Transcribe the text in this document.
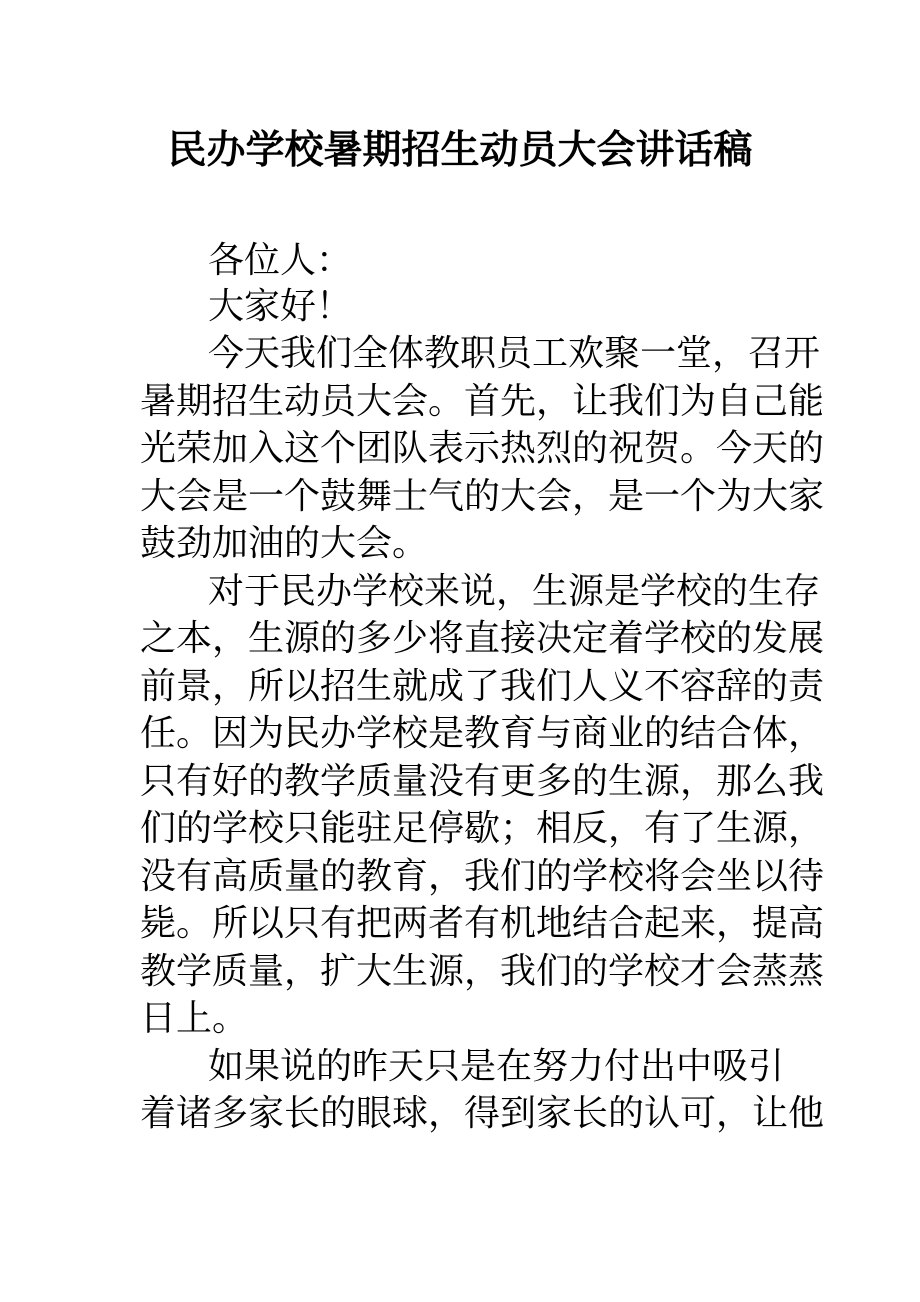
民办学校暑期招生动员大会讲话稿
各位人：
大家好！
今天我们全体教职员工欢聚一堂，召开
暑期招生动员大会。首先，让我们为自己能
光荣加入这个团队表示热烈的祝贺。今天的
大会是一个鼓舞士气的大会，是一个为大家
鼓劲加油的大会。
对于民办学校来说，生源是学校的生存
之本，生源的多少将直接决定着学校的发展
前景，所以招生就成了我们人义不容辞的责
任。因为民办学校是教育与商业的结合体，
只有好的教学质量没有更多的生源，那么我
们的学校只能驻足停歇；相反，有了生源，
没有高质量的教育，我们的学校将会坐以待
毙。所以只有把两者有机地结合起来，提高
教学质量，扩大生源，我们的学校才会蒸蒸
日上。
如果说的昨天只是在努力付出中吸引
着诸多家长的眼球，得到家长的认可，让他
